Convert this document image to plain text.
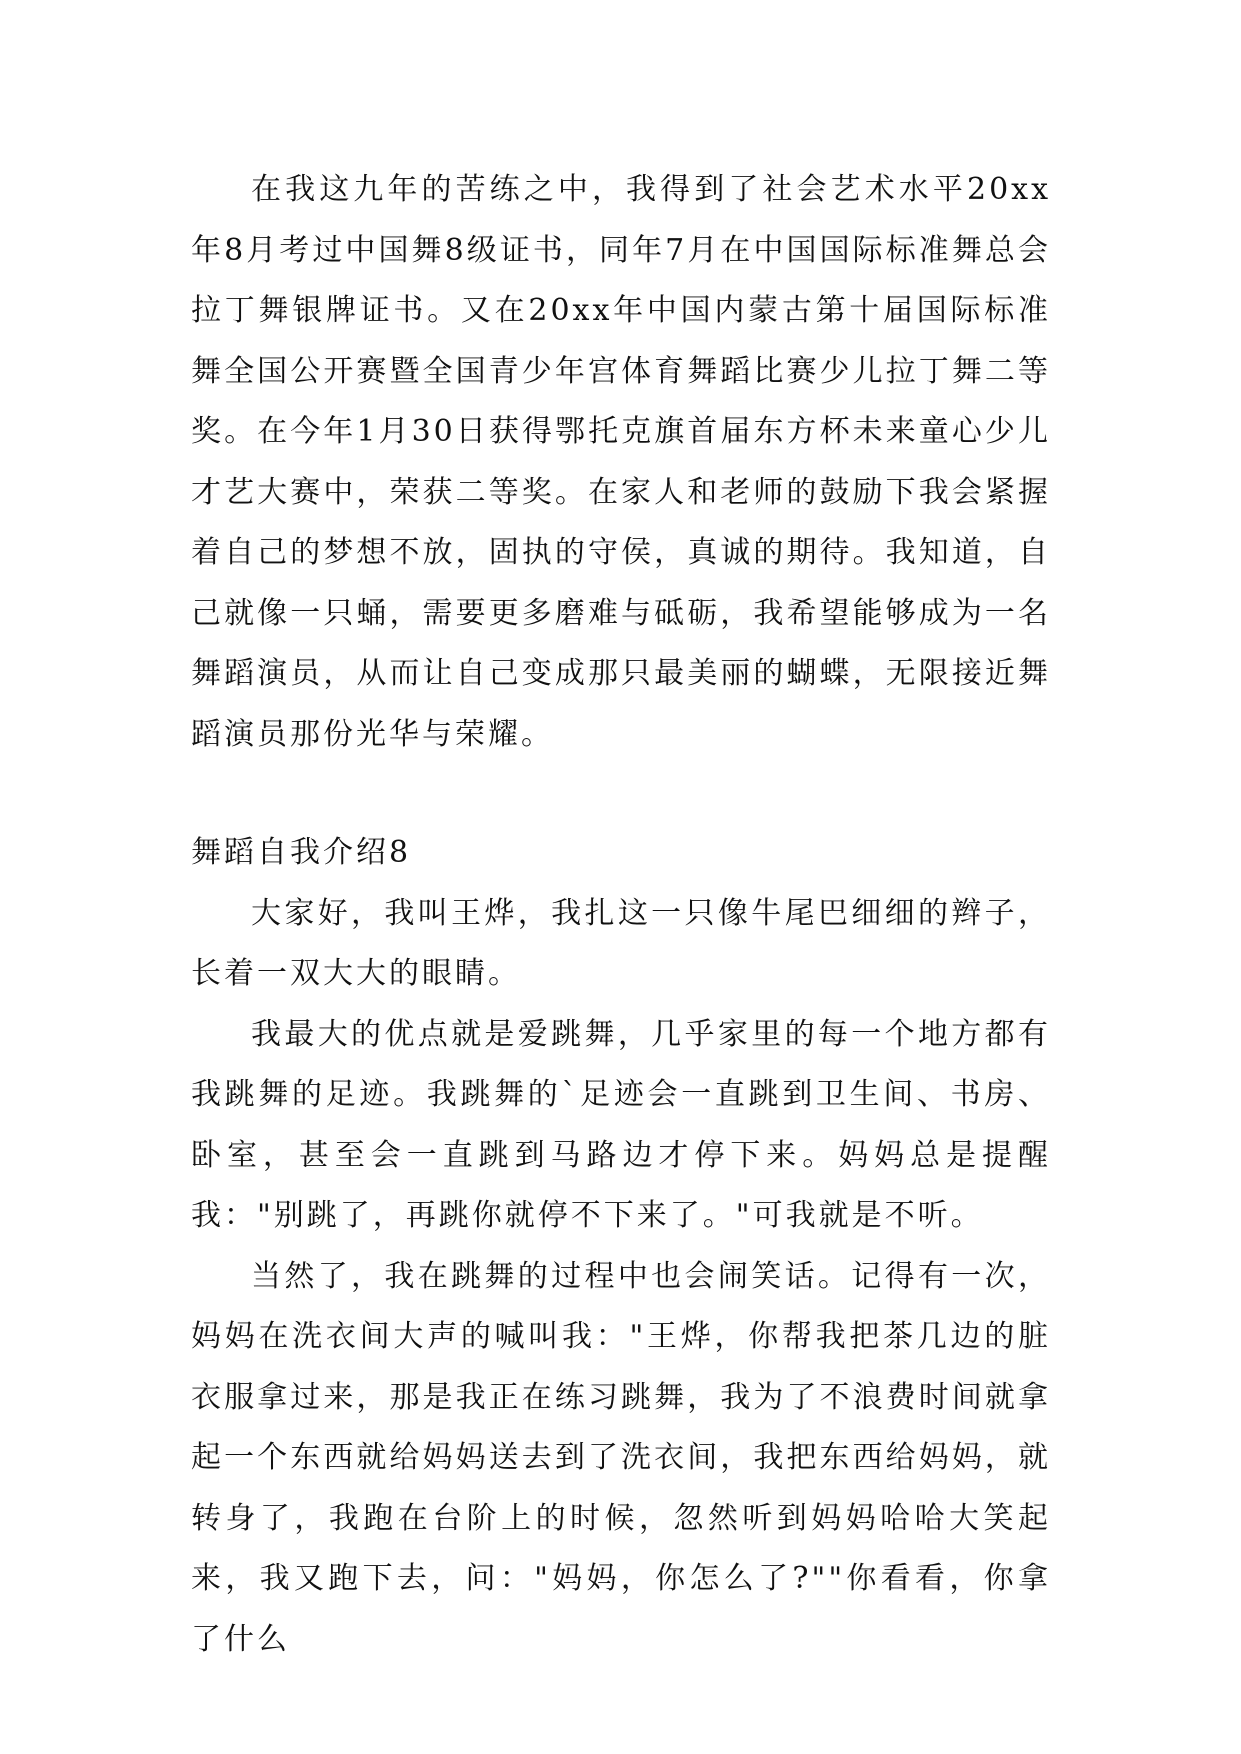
在我这九年的苦练之中，我得到了社会艺术水平20xx年8月考过中国舞8级证书，同年7月在中国国际标准舞总会拉丁舞银牌证书。又在20xx年中国内蒙古第十届国际标准舞全国公开赛暨全国青少年宫体育舞蹈比赛少儿拉丁舞二等奖。在今年1月30日获得鄂托克旗首届东方杯未来童心少儿才艺大赛中，荣获二等奖。在家人和老师的鼓励下我会紧握着自己的梦想不放，固执的守侯，真诚的期待。我知道，自己就像一只蛹，需要更多磨难与砥砺，我希望能够成为一名舞蹈演员，从而让自己变成那只最美丽的蝴蝶，无限接近舞蹈演员那份光华与荣耀。

舞蹈自我介绍8

大家好，我叫王烨，我扎这一只像牛尾巴细细的辫子，长着一双大大的眼睛。

我最大的优点就是爱跳舞，几乎家里的每一个地方都有我跳舞的足迹。我跳舞的`足迹会一直跳到卫生间、书房、卧室，甚至会一直跳到马路边才停下来。妈妈总是提醒我："别跳了，再跳你就停不下来了。"可我就是不听。

当然了，我在跳舞的过程中也会闹笑话。记得有一次，妈妈在洗衣间大声的喊叫我："王烨，你帮我把茶几边的脏衣服拿过来，那是我正在练习跳舞，我为了不浪费时间就拿起一个东西就给妈妈送去到了洗衣间，我把东西给妈妈，就转身了，我跑在台阶上的时候，忽然听到妈妈哈哈大笑起来，我又跑下去，问："妈妈，你怎么了?""你看看，你拿了什么
